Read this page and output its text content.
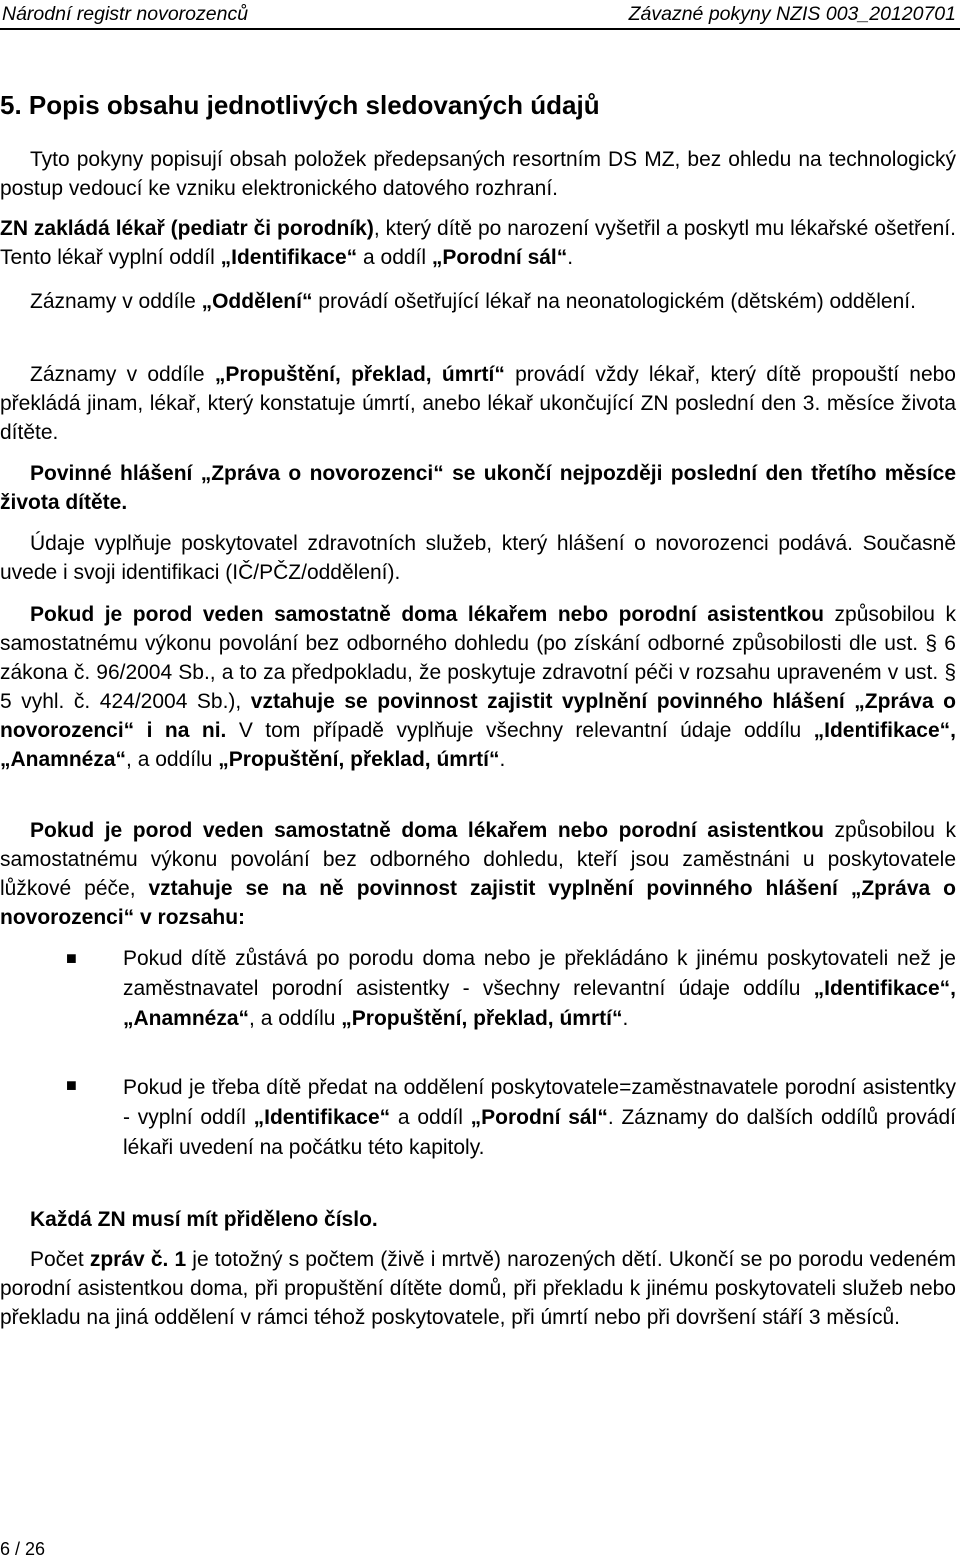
Národní registr novorozenců	Závazné pokyny NZIS 003_20120701
5. Popis obsahu jednotlivých sledovaných údajů

Tyto pokyny popisují obsah položek předepsaných resortním DS MZ, bez ohledu na technologický postup vedoucí ke vzniku elektronického datového rozhraní.

ZN zakládá lékař (pediatr či porodník), který dítě po narození vyšetřil a poskytl mu lékařské ošetření. Tento lékař vyplní oddíl „Identifikace“ a oddíl „Porodní sál“.

Záznamy v oddíle „Oddělení“ provádí ošetřující lékař na neonatologickém (dětském) oddělení.

Záznamy v oddíle „Propuštění, překlad, úmrtí“ provádí vždy lékař, který dítě propouští nebo překládá jinam, lékař, který konstatuje úmrtí, anebo lékař ukončující ZN poslední den 3. měsíce života dítěte.

Povinné hlášení „Zpráva o novorozenci“ se ukončí nejpozději poslední den třetího měsíce života dítěte.

Údaje vyplňuje poskytovatel zdravotních služeb, který hlášení o novorozenci podává. Současně uvede i svoji identifikaci (IČ/PČZ/oddělení).

Pokud je porod veden samostatně doma lékařem nebo porodní asistentkou způsobilou k samostatnému výkonu povolání bez odborného dohledu (po získání odborné způsobilosti dle ust. § 6 zákona č. 96/2004 Sb., a to za předpokladu, že poskytuje zdravotní péči v rozsahu upraveném v ust. § 5 vyhl. č. 424/2004 Sb.), vztahuje se povinnost zajistit vyplnění povinného hlášení „Zpráva o novorozenci“ i na ni. V tom případě vyplňuje všechny relevantní údaje oddílu „Identifikace“, „Anamnéza“, a oddílu „Propuštění, překlad, úmrtí“.

Pokud je porod veden samostatně doma lékařem nebo porodní asistentkou způsobilou k samostatnému výkonu povolání bez odborného dohledu, kteří jsou zaměstnáni u poskytovatele lůžkové péče, vztahuje se na ně povinnost zajistit vyplnění povinného hlášení „Zpráva o novorozenci“ v rozsahu:

■ Pokud dítě zůstává po porodu doma nebo je překládáno k jinému poskytovateli než je zaměstnavatel porodní asistentky - všechny relevantní údaje oddílu „Identifikace“, „Anamnéza“, a oddílu „Propuštění, překlad, úmrtí“.

■ Pokud je třeba dítě předat na oddělení poskytovatele=zaměstnavatele porodní asistentky - vyplní oddíl „Identifikace“ a oddíl „Porodní sál“. Záznamy do dalších oddílů provádí lékaři uvedení na počátku této kapitoly.

Každá ZN musí mít přiděleno číslo.

Počet zpráv č. 1 je totožný s počtem (živě i mrtvě) narozených dětí. Ukončí se po porodu vedeném porodní asistentkou doma, při propuštění dítěte domů, při překladu k jinému poskytovateli služeb nebo překladu na jiná oddělení v rámci téhož poskytovatele, při úmrtí nebo při dovršení stáří 3 měsíců.

6 / 26
